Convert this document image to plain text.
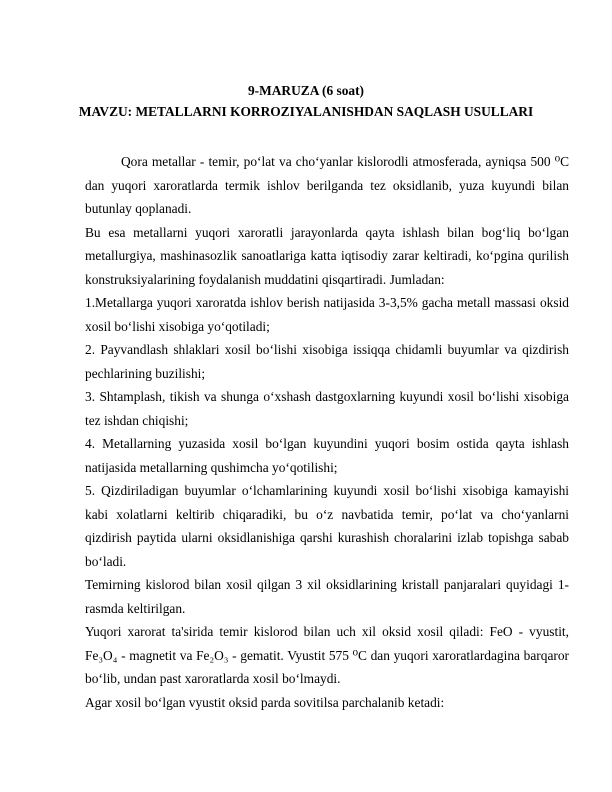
9-MARUZA (6 soat)
MAVZU: METALLARNI KORROZIYALANISHDAN SAQLASH USULLARI

Qora metallar - temir, po‘lat va cho‘yanlar kislorodli atmosferada, ayniqsa 500 ⁰C dan yuqori xaroratlarda termik ishlov berilganda tez oksidlanib, yuza kuyundi bilan butunlay qoplanadi.

Bu esa metallarni yuqori xaroratli jarayonlarda qayta ishlash bilan bog‘liq bo‘lgan metallurgiya, mashinasozlik sanoatlariga katta iqtisodiy zarar keltiradi, ko‘pgina qurilish konstruksiyalarining foydalanish muddatini qisqartiradi. Jumladan:

1.Metallarga yuqori xaroratda ishlov berish natijasida 3-3,5% gacha metall massasi oksid xosil bo‘lishi xisobiga yo‘qotiladi;

2. Payvandlash shlaklari xosil bo‘lishi xisobiga issiqqa chidamli buyumlar va qizdirish pechlarining buzilishi;

3. Shtamplash, tikish va shunga o‘xshash dastgoxlarning kuyundi xosil bo‘lishi xisobiga tez ishdan chiqishi;

4. Metallarning yuzasida xosil bo‘lgan kuyundini yuqori bosim ostida qayta ishlash natijasida metallarning qushimcha yo‘qotilishi;

5. Qizdiriladigan buyumlar o‘lchamlarining kuyundi xosil bo‘lishi xisobiga kamayishi kabi xolatlarni keltirib chiqaradiki, bu o‘z navbatida temir, po‘lat va cho‘yanlarni qizdirish paytida ularni oksidlanishiga qarshi kurashish choralarini izlab topishga sabab bo‘ladi.

Temirning kislorod bilan xosil qilgan 3 xil oksidlarining kristall panjaralari quyidagi 1-rasmda keltirilgan.

Yuqori xarorat ta'sirida temir kislorod bilan uch xil oksid xosil qiladi: FeO - vyustit, Fe₃O₄ - magnetit va Fe₂O₃ - gematit. Vyustit 575 ⁰C dan yuqori xaroratlardagina barqaror bo‘lib, undan past xaroratlarda xosil bo‘lmaydi.

Agar xosil bo‘lgan vyustit oksid parda sovitilsa parchalanib ketadi:
